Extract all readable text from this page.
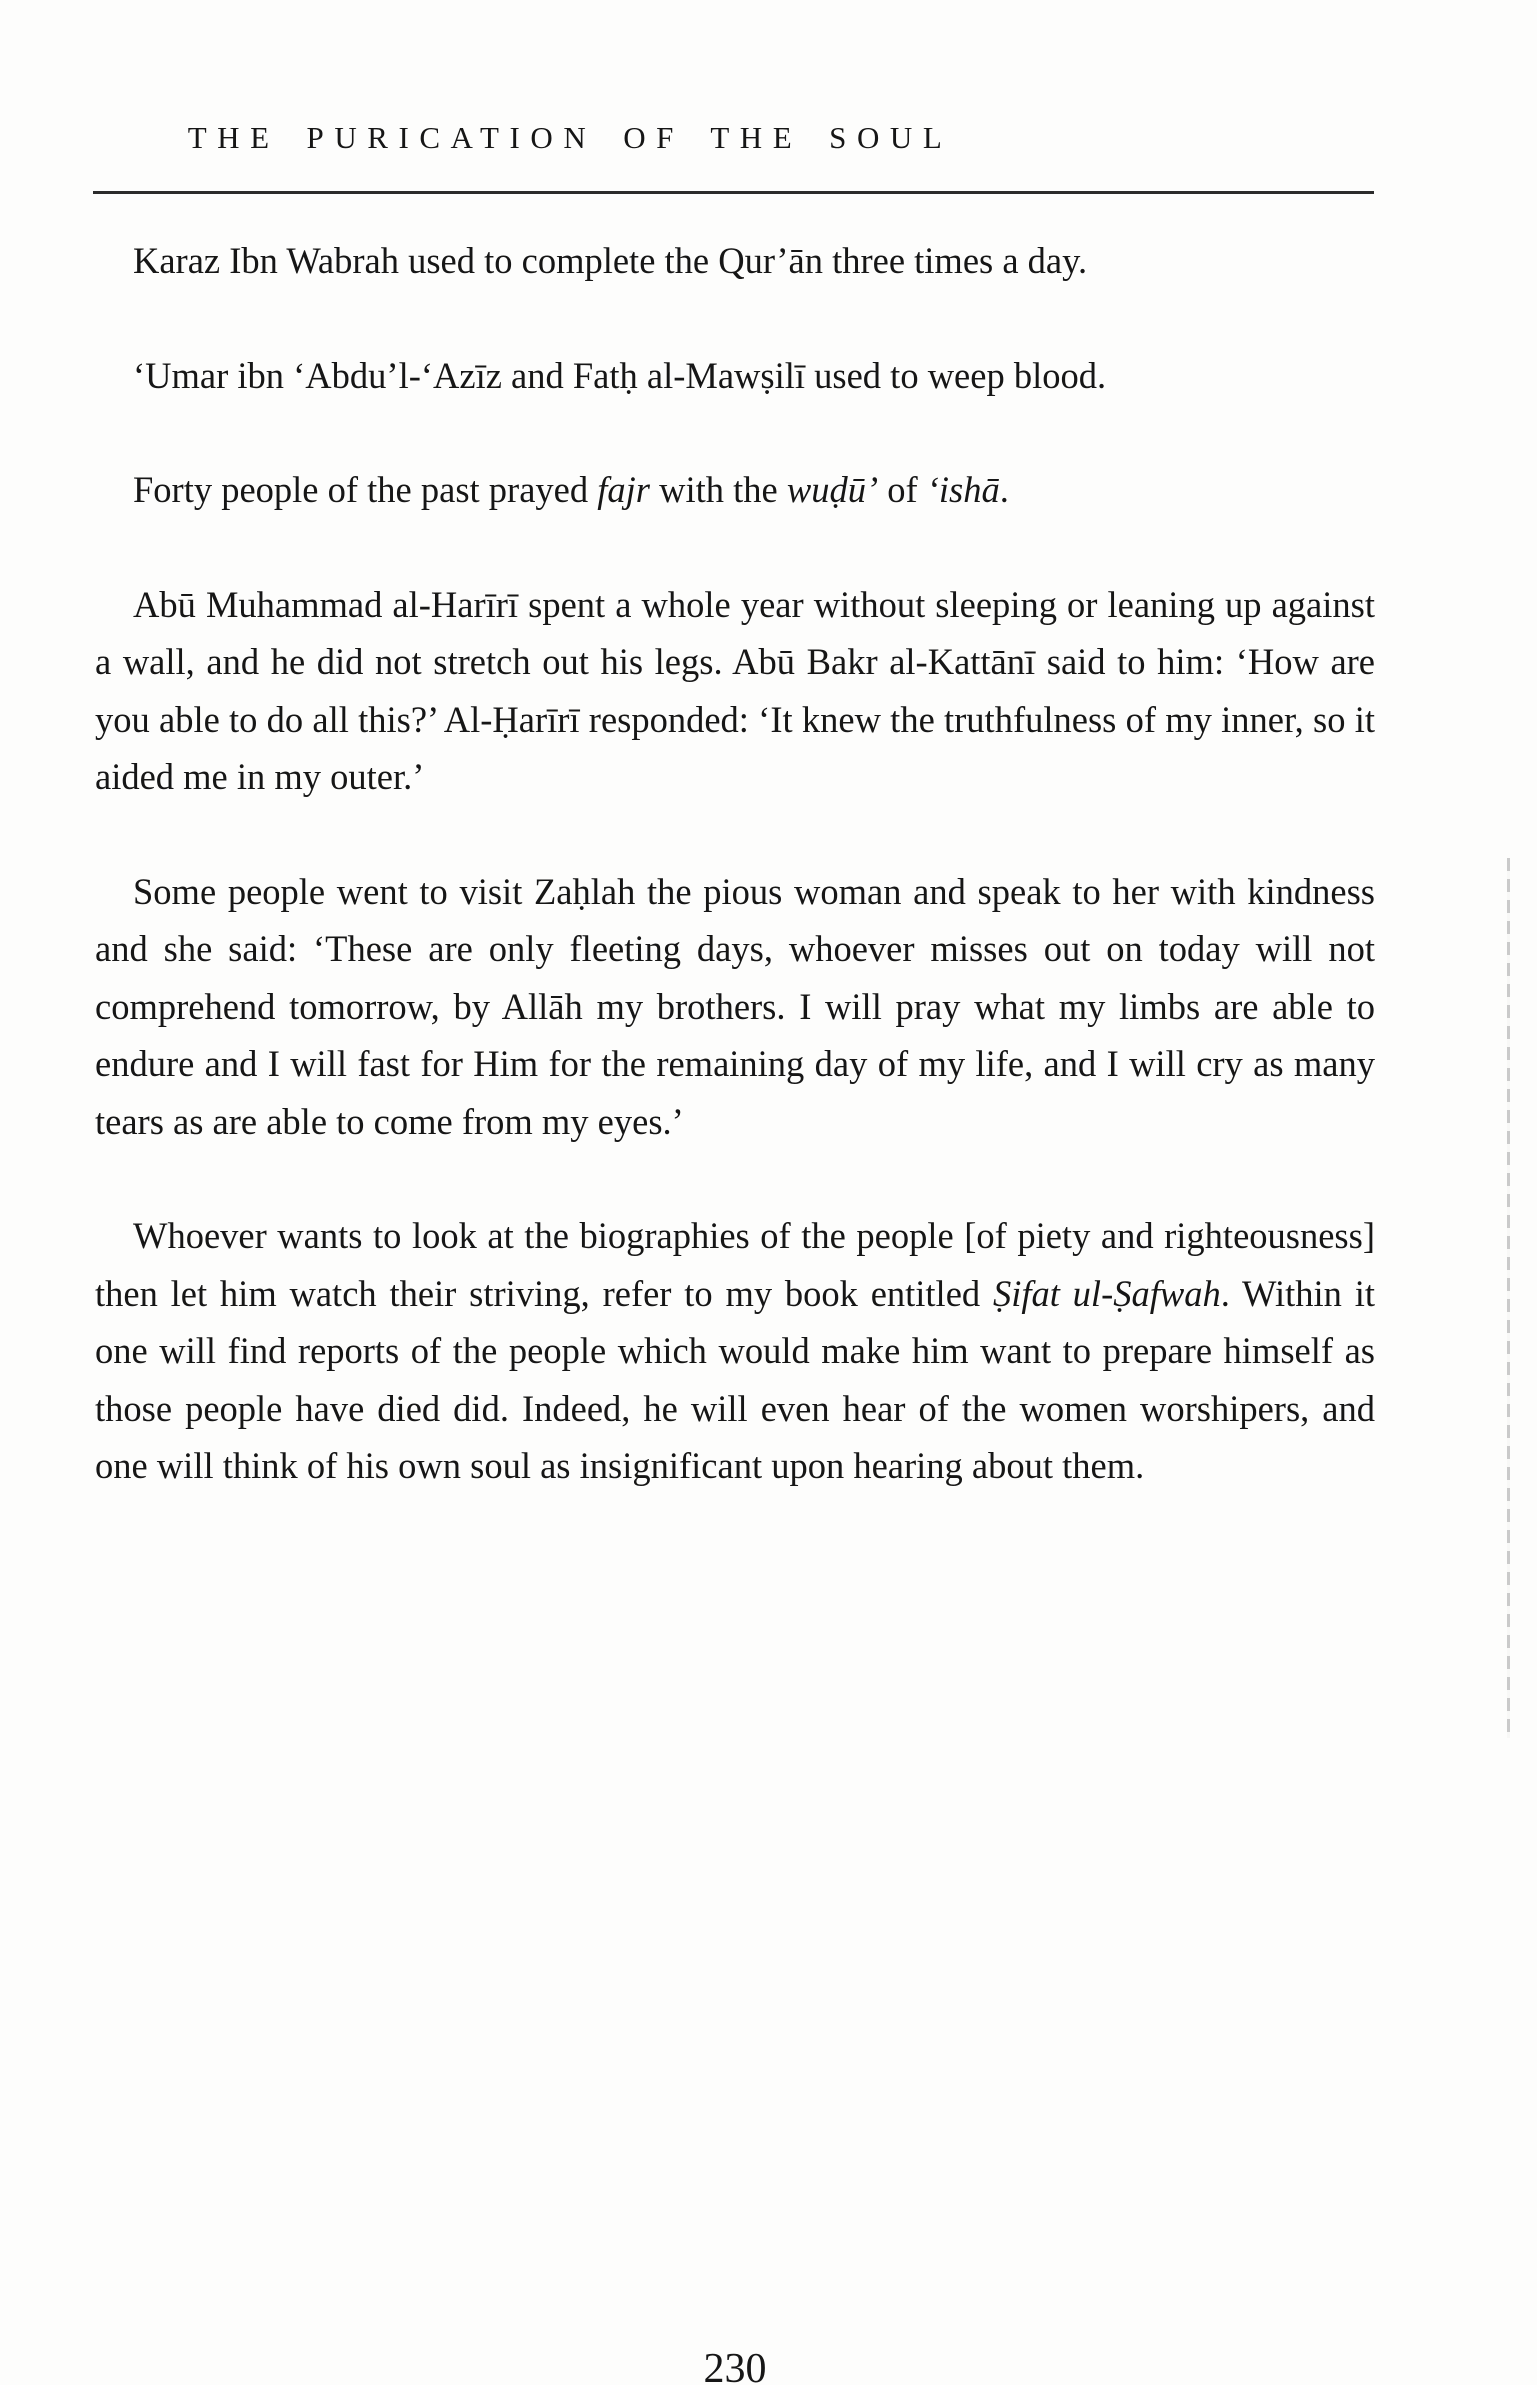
THE PURICATION OF THE SOUL

Karaz Ibn Wabrah used to complete the Qur’ān three times a day.

‘Umar ibn ‘Abdu’l-‘Azīz and Fatḥ al-Mawṣilī used to weep blood.

Forty people of the past prayed fajr with the wuḍū’ of ‘ishā.

Abū Muhammad al-Harīrī spent a whole year without sleeping or leaning up against a wall, and he did not stretch out his legs. Abū Bakr al-Kattānī said to him: ‘How are you able to do all this?’ Al-Ḥarīrī responded: ‘It knew the truthfulness of my inner, so it aided me in my outer.’

Some people went to visit Zaḥlah the pious woman and speak to her with kindness and she said: ‘These are only fleeting days, whoever misses out on today will not comprehend tomorrow, by Allāh my brothers. I will pray what my limbs are able to endure and I will fast for Him for the remaining day of my life, and I will cry as many tears as are able to come from my eyes.’

Whoever wants to look at the biographies of the people [of piety and righteousness] then let him watch their striving, refer to my book entitled Ṣifat ul-Ṣafwah. Within it one will find reports of the people which would make him want to prepare himself as those people have died did. Indeed, he will even hear of the women worshipers, and one will think of his own soul as insignificant upon hearing about them.

230
